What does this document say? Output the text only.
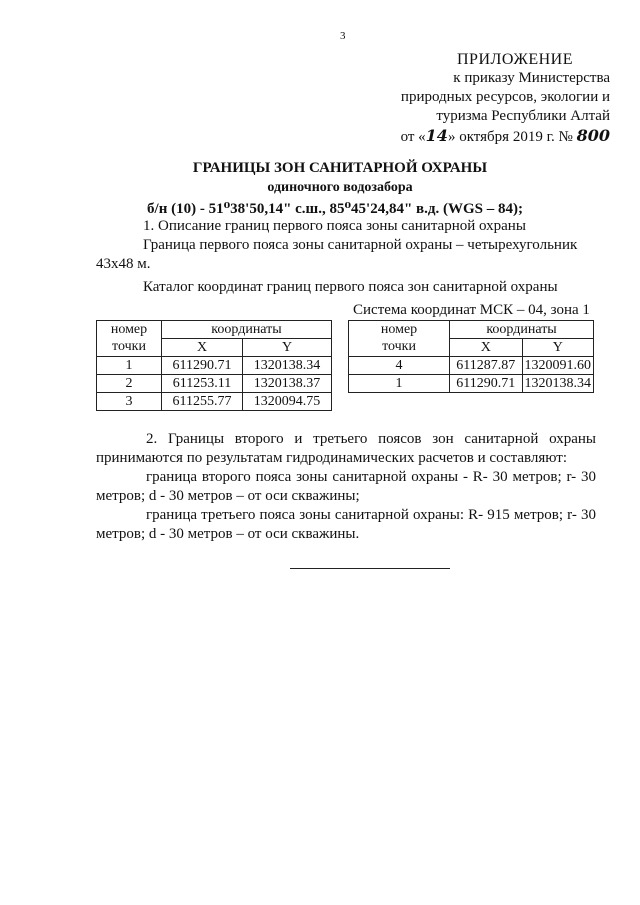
3
ПРИЛОЖЕНИЕ
к приказу Министерства
природных ресурсов, экологии и
туризма Республики Алтай
от «14» октября 2019 г. № 800
ГРАНИЦЫ ЗОН САНИТАРНОЙ ОХРАНЫ
одиночного водозабора
б/н (10) - 51⁰38'50,14" с.ш., 85⁰45'24,84" в.д. (WGS – 84);
1. Описание границ первого пояса зоны санитарной охраны
Граница первого пояса зоны санитарной охраны – четырехугольник
43х48 м.
Каталог координат границ первого пояса зон санитарной охраны
Система координат МСК – 04, зона 1
номер	координаты	
точки	X	Y
1	611290.71	1320138.34
2	611253.11	1320138.37
3	611255.77	1320094.75
номер	координаты	
точки	X	Y
4	611287.87	1320091.60
1	611290.71	1320138.34
2. Границы второго и третьего поясов зон санитарной охраны принимаются по результатам гидродинамических расчетов и составляют:
граница второго пояса зоны санитарной охраны - R- 30 метров; r- 30 метров; d - 30 метров – от оси скважины;
граница третьего пояса зоны санитарной охраны: R- 915 метров; r- 30 метров; d - 30 метров – от оси скважины.
